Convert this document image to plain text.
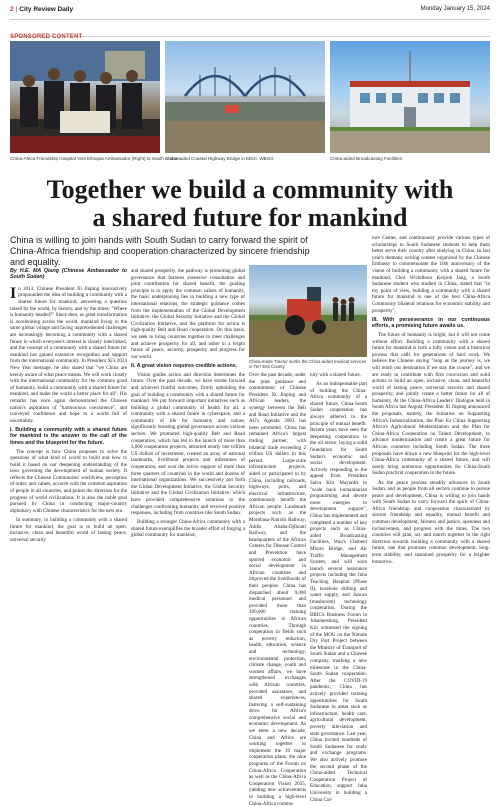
2 | City Review Daily	Monday January 15, 2024
SPONSORED CONTENT
China-Africa Friendship Hospital Visit Ethiopia Ambassador (Right) to South Sudan
China-aided Coastal Highway Bridge in Mzizi, WBGG	China-aided Broadcasting Facilities
Together we build a community with a shared future for mankind
China is willing to join hands with South Sudan to carry forward the spirit of China-Africa friendship and cooperation characterized by sincere friendship and equality.
By H.E. MA Qiang (Chinese Ambassador to South Sudan)

In 2013, Chinese President Xi Jinping innovatively propounded the idea of building a community with a shared future for mankind, answering a question raised by the world, by history, and by the times: "Where is humanity headed?" Since then, as great transformation is accelerating across the world, mankind living in the same global village and facing unprecedented challenges are increasingly becoming a community with a shared future in which everyone's interest is closely interlinked, and the concept of a community with a shared future for mankind has gained extensive recognition and support from the international community. In President Xi's 2024 New Year message, he also stated that "we China are keenly aware of what peace means. We will work closely with the international community for the common good of humanity, build a community with a shared future for mankind, and make the world a better place for all". His remarks has once again demonstrated the Chinese nation's aspiration of "harmonious coexistence", and conveyed confidence and hope to a world full of uncertainty.

I. Building a community with a shared future for mankind is the answer to the call of the times and the blueprint for the future.

The concept is how China proposes to solve the questions of what kind of world to build and how to build it based on our deepening understanding of the laws governing the development of human society. It reflects the Chinese Communists' worldview, perception of order, and values, accords with the common aspiration of people in all countries, and points the direction for the progress of world civilizations. It is also the noble goal pursued by China in conducting major-country diplomacy with Chinese characteristics for the new era.

In summary, in building a community with a shared future for mankind, the goal is to build an open, inclusive, clean and beautiful world of lasting peace, universal security

and shared prosperity, the pathway is promoting global governance that features extensive consultation and joint contribution for shared benefit, the guiding principle is to apply the common values of humanity, the basic underpinning lies in building a new type of international relations, the strategic guidance comes from the implementation of the Global Development Initiative, the Global Security Initiative and the Global Civilization Initiative, and the platform for action is high-quality Belt and Road cooperation. On this basis, we seek to bring countries together to meet challenges and achieve prosperity for all, and usher in a bright future of peace, security, prosperity and progress for our world.

II. A great vision requires credible actions.

Vision guides action and direction determines the future. Over the past decade, we have strode forward and achieved fruitful outcomes, firmly upholding the goal of building a community with a shared future for mankind. We put forward important initiatives such as building a global community of health for all, a community with a shared future in cyberspace, and a community of life for humanity and nature, significantly boosting global governance across various sectors. We promoted high-quality Belt and Road cooperation, which has led to the launch of more than 3,000 cooperation projects, attracted nearly one trillion US dollars of investment, created an array of national landmarks, livelihood projects and milestones of cooperation, and won the active support of more than three quarters of countries in the world and dozens of international organizations. We successively put forth the Global Development Initiative, the Global Security Initiative and the Global Civilization Initiative, which have provided comprehensive solutions to the challenges confronting humanity and received positive responses, including from countries like South Sudan.

Building a stronger China-Africa community with a shared future exemplifies the broader effort of forging a global community for mankind,

China-made Tractor works the China-aided medical services in Terr Esti County

Over the past decade, under the joint guidance and commitment of Chinese President Xi Jinping and African leaders, the synergy between the Belt and Road Initiative and the AU's Agenda 2063 has been promoted. China has remained Africa's largest trading partner, with bilateral trade exceeding 2 trillion US dollars in this period. Large-scale infrastructure projects, aided or participated in by China, including railroads, highways, ports, and electrical infrastructure, continuously benefit the African people. Landmark projects such as the Mombasa-Nairobi Railway, Addis Ababa-Djibouti Railway, and the headquarters of the African Centers for Disease Control and Prevention have spurred economic and social development in African countries and improved the livelihoods of their peoples. China has dispatched about 9,000 medical personnel and provided more than 100,000 training opportunities to African countries. Through cooperation in fields such as poverty reduction, health, education, science and technology, environmental protection, climate change, youth and women affairs, we have strengthened exchanges with African countries, provided assistance, and shared experiences, fostering a self-sustaining drive for Africa's comprehensive social and economic development. As we enter a new decade, China and Africa are working together to implement the 10 major cooperation plans, the nine programs of the Forum on China-Africa Cooperation as well as the China-Africa Cooperation Vision 2035, yielding new achievements in building a high-level China-Africa commu-

ture Center, and continuously provide various types of scholarships to South Sudanese students to help them better serve their country after studying in China. In last year's thematic writing contest organized by the Chinese Embassy to commemorate the 10th anniversary of the vision of building a community with a shared future for mankind, Chol Wichdhour Kerjiok Jang, a South Sudanese student who studied in China, stated that "in my point of view, building a community with a shared future for mankind is one of the best China-Africa Community bilateral relations for economic stability and prosperity".

III. With perseverance in our continuous efforts, a promising future awaits us.

The future of humanity is bright, but it will not come without effort. Building a community with a shared future for mankind is both a lofty vision and a historical process that calls for generations of hard work. We believe the Chinese saying "long as the journey is, we will reach our destination if we stay the course", and we are ready to contribute with firm conviction and solid actions to build an open, inclusive, clean, and beautiful world of lasting peace, universal security and shared prosperity, and jointly create a better future for all of humanity. At the China-Africa Leaders' Dialogue held in South Africa last August, President Xi Jinping announced the proposals, namely, the Initiative on Supporting Africa's Industrialization, the Plan for China Supporting Africa's Agricultural Modernization and the Plan for China-Africa Cooperation on Talent Development, to advance modernization and create a great future for African countries including South Sudan. The three proposals have drawn a new blueprint for the high-level China-Africa community of a shared future, and will surely bring numerous opportunities for China-South Sudan practical cooperation in the future.

As the peace process steadily advances in South Sudan, and as people from all sectors continue to pursue peace and development, China is willing to join hands with South Sudan to carry forward the spirit of China-Africa friendship and cooperation characterized by sincere friendship and equality, mutual benefit and common development, fairness and justice, openness and inclusiveness, and progress with the times. The two countries will plan, act, and march together in the right direction towards building a community with a shared future, one that promises common development, long-term stability, and sustained prosperity for a brighter tomorrow.

nity with a shared future.

As an indispensable part of building the China-Africa community of a shared future, China-South Sudan cooperation has always adhered to the principle of mutual benefit. Recent years have seen the deepening cooperation in the oil sector, laying a solid foundation for South Sudan's economic and social development. Actively responding to the appeal from President Salva Kiir Mayardit to "scale back humanitarian programming and devote more energies to development support", China has implemented and completed a number of key projects such as China-aided Broadcasting Facilities, Wau's Clement Mboro Bridge, and Air Traffic Management System, and will soon launch several assistance projects including the Juba Teaching Hospital (Phase II), borehole drilling and water supply, and Juncao (mushroom) technology cooperation. During the BRICS Business Forum in Johannesburg, President Kiir witnessed the signing of the MOU on the Nimule Dry Port Project between the Ministry of Transport of South Sudan and a Chinese company, marking a new milestone in the China-South Sudan cooperation. After the COVID-19 pandemic, China has actively provided training opportunities for South Sudanese in areas such as infrastructure, health care, agricultural development, poverty alleviation and state governance. Last year, China invited hundreds of South Sudanese for study and exchange programs. We also actively promote the second phase of the China-aided Technical Cooperation Project of Education, support Juba University in building a China Cul-
